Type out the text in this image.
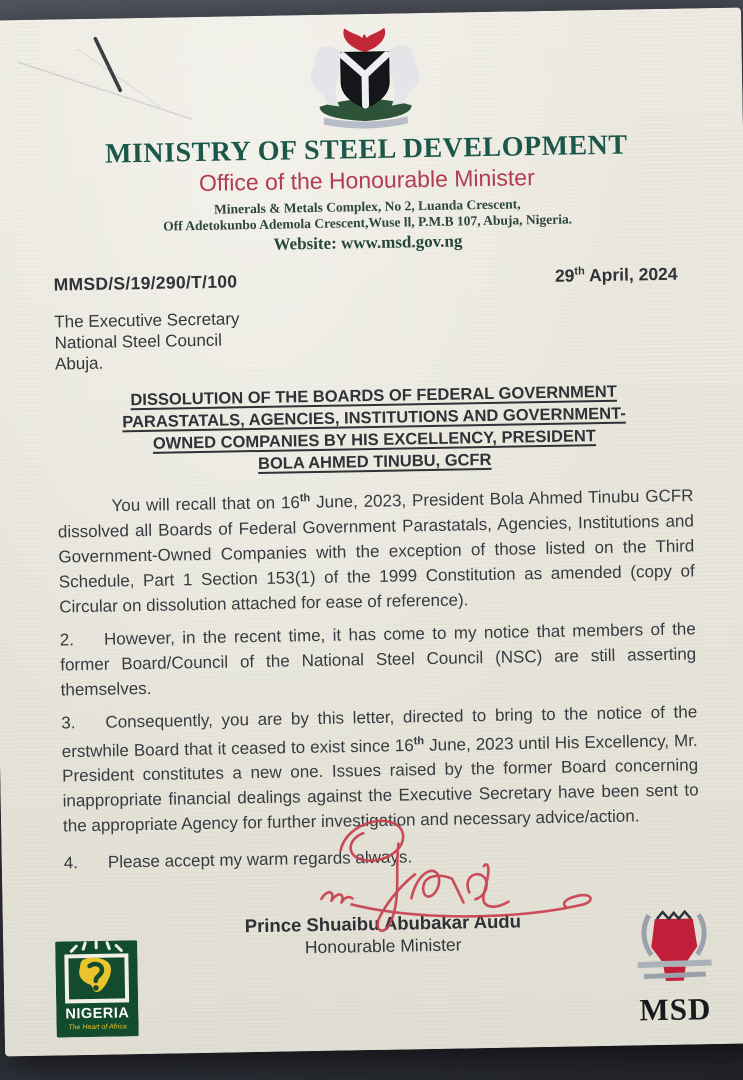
MINISTRY OF STEEL DEVELOPMENT
Office of the Honourable Minister
Minerals & Metals Complex, No 2, Luanda Crescent,
Off Adetokunbo Ademola Crescent,Wuse ll, P.M.B 107, Abuja, Nigeria.
Website: www.msd.gov.ng
MMSD/S/19/290/T/100	29th April, 2024
The Executive Secretary
National Steel Council
Abuja.
DISSOLUTION OF THE BOARDS OF FEDERAL GOVERNMENT
PARASTATALS, AGENCIES, INSTITUTIONS AND GOVERNMENT-
OWNED COMPANIES BY HIS EXCELLENCY, PRESIDENT
BOLA AHMED TINUBU, GCFR

You will recall that on 16th June, 2023, President Bola Ahmed Tinubu GCFR dissolved all Boards of Federal Government Parastatals, Agencies, Institutions and Government-Owned Companies with the exception of those listed on the Third Schedule, Part 1 Section 153(1) of the 1999 Constitution as amended (copy of Circular on dissolution attached for ease of reference).

2. However, in the recent time, it has come to my notice that members of the former Board/Council of the National Steel Council (NSC) are still asserting themselves.

3. Consequently, you are by this letter, directed to bring to the notice of the erstwhile Board that it ceased to exist since 16th June, 2023 until His Excellency, Mr. President constitutes a new one. Issues raised by the former Board concerning inappropriate financial dealings against the Executive Secretary have been sent to the appropriate Agency for further investigation and necessary advice/action.

4. Please accept my warm regards always.

Prince Shuaibu Abubakar Audu
Honourable Minister
NIGERIA
The Heart of Africa	MSD
